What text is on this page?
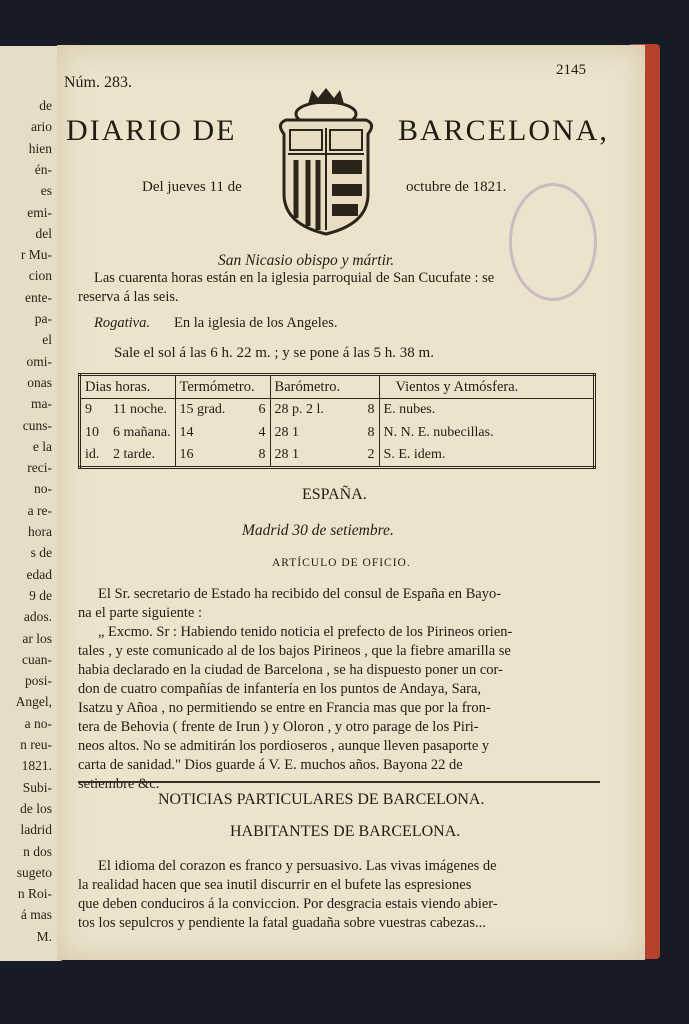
de
ario
hien
én-
es
emi-
del
r Mu-
cion
ente-
pa-
el
omi-
onas
ma-
cuns-
e la
reci-
no-
a re-
hora
s de
edad
9 de
ados.
ar los
cuan-
posi-
Angel,
a no-
n reu-
1821.
Subi-
de los
ladrid
n dos
sugeto
n Roi-
á mas
M.
Núm. 283.
2145
DIARIO DE	BARCELONA,
Del jueves 11 de	octubre de 1821.
San Nicasio obispo y mártir.
Las cuarenta horas están en la iglesia parroquial de San Cucufate : se
reserva á las seis.
Rogativa. En la iglesia de los Angeles.
Sale el sol á las 6 h. 22 m. ; y se pone á las 5 h. 38 m.
Dias horas.	Termómetro.	Barómetro.	Vientos y Atmósfera.
9 11 noche.	15 grad. 6	28 p. 2 l. 8	E. nubes.
10 6 mañana.	14 4	28 1 8	N. N. E. nubecillas.
id. 2 tarde.	16 8	28 1 2	S. E. idem.
ESPAÑA.
Madrid 30 de setiembre.
ARTÍCULO DE OFICIO.
El Sr. secretario de Estado ha recibido del consul de España en Bayo-
na el parte siguiente :
„ Excmo. Sr : Habiendo tenido noticia el prefecto de los Pirineos orien-
tales , y este comunicado al de los bajos Pirineos , que la fiebre amarilla se
habia declarado en la ciudad de Barcelona , se ha dispuesto poner un cor-
don de cuatro compañías de infantería en los puntos de Andaya, Sara,
Isatzu y Añoa , no permitiendo se entre en Francia mas que por la fron-
tera de Behovia ( frente de Irun ) y Oloron , y otro parage de los Piri-
neos altos. No se admitirán los pordioseros , aunque lleven pasaporte y
carta de sanidad." Dios guarde á V. E. muchos años. Bayona 22 de
setiembre &c.
NOTICIAS PARTICULARES DE BARCELONA.
HABITANTES DE BARCELONA.
El idioma del corazon es franco y persuasivo. Las vivas imágenes de
la realidad hacen que sea inutil discurrir en el bufete las espresiones
que deben conduciros á la conviccion. Por desgracia estais viendo abier-
tos los sepulcros y pendiente la fatal guadaña sobre vuestras cabezas...
